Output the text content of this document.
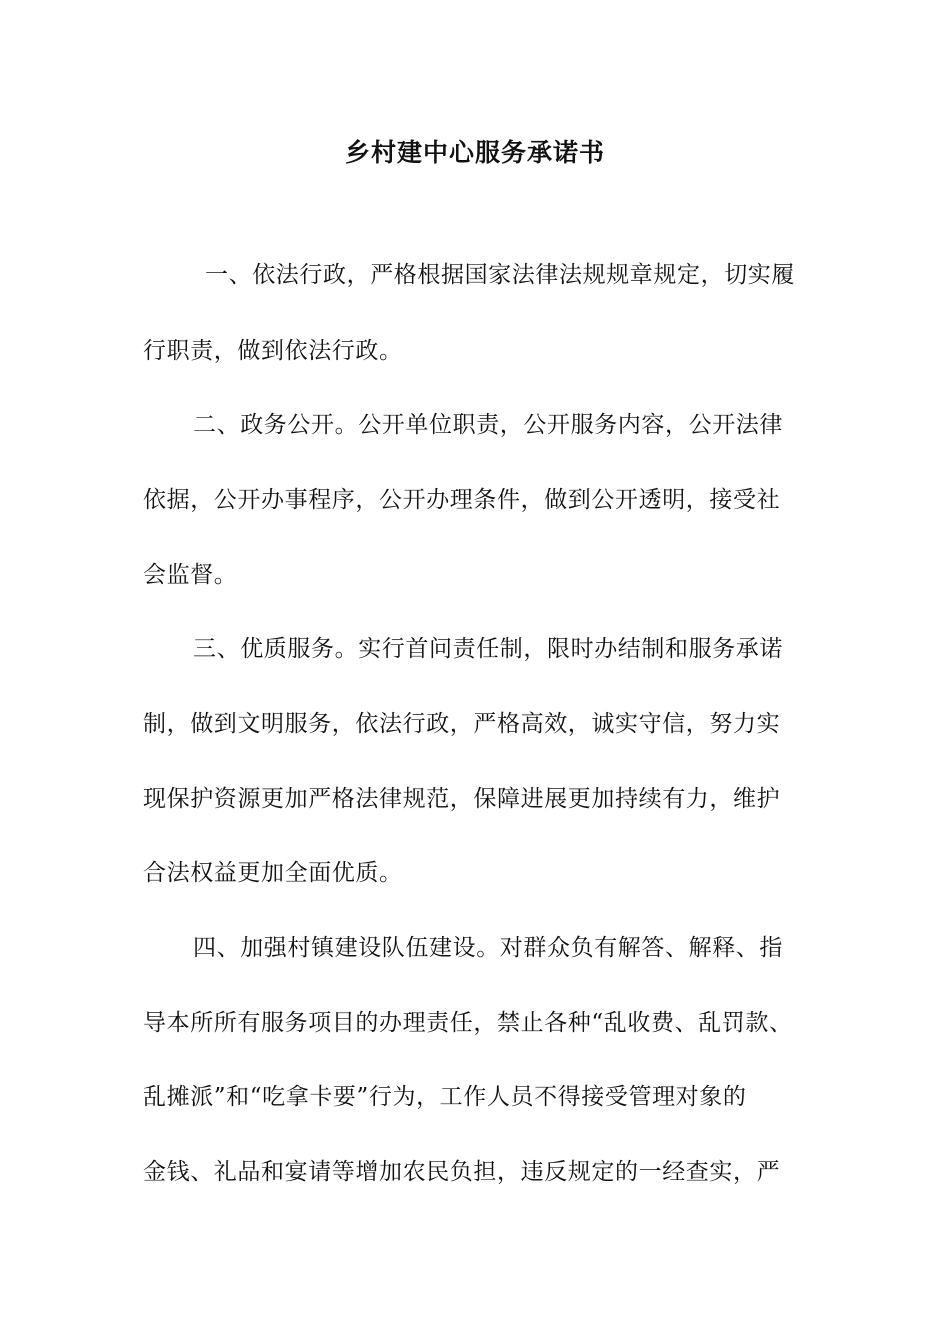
乡村建中心服务承诺书
一、依法行政，严格根据国家法律法规规章规定，切实履
行职责，做到依法行政。
二、政务公开。公开单位职责，公开服务内容，公开法律
依据，公开办事程序，公开办理条件，做到公开透明，接受社
会监督。
三、优质服务。实行首问责任制，限时办结制和服务承诺
制，做到文明服务，依法行政，严格高效，诚实守信，努力实
现保护资源更加严格法律规范，保障进展更加持续有力，维护
合法权益更加全面优质。
四、加强村镇建设队伍建设。对群众负有解答、解释、指
导本所所有服务项目的办理责任，禁止各种“乱收费、乱罚款、
乱摊派”和“吃拿卡要”行为，工作人员不得接受管理对象的
金钱、礼品和宴请等增加农民负担，违反规定的一经查实，严
